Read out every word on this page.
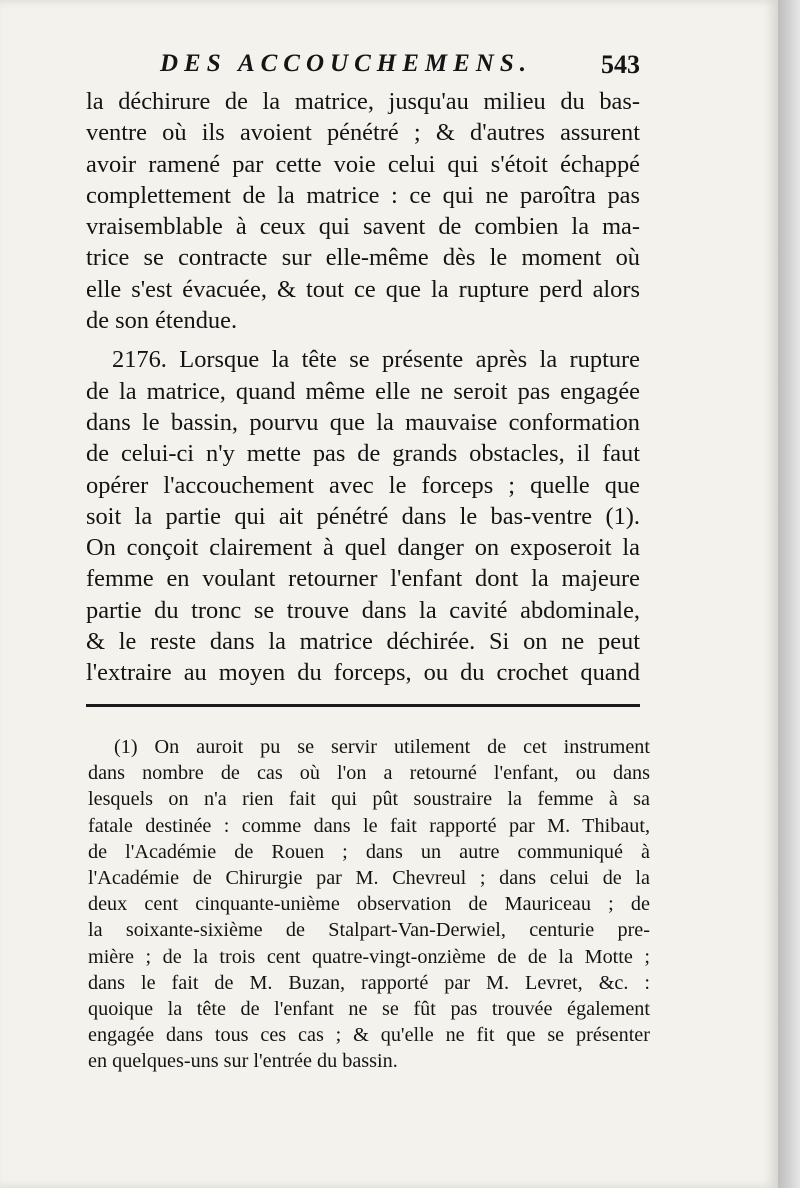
DES ACCOUCHEMENS.	543
la déchirure de la matrice, jusqu'au milieu du bas-
ventre où ils avoient pénétré ; & d'autres assurent
avoir ramené par cette voie celui qui s'étoit échappé
complettement de la matrice : ce qui ne paroîtra pas
vraisemblable à ceux qui savent de combien la ma-
trice se contracte sur elle-même dès le moment où
elle s'est évacuée, & tout ce que la rupture perd alors
de son étendue.
2176. Lorsque la tête se présente après la rupture
de la matrice, quand même elle ne seroit pas engagée
dans le bassin, pourvu que la mauvaise conformation
de celui-ci n'y mette pas de grands obstacles, il faut
opérer l'accouchement avec le forceps ; quelle que
soit la partie qui ait pénétré dans le bas-ventre (1).
On conçoit clairement à quel danger on exposeroit la
femme en voulant retourner l'enfant dont la majeure
partie du tronc se trouve dans la cavité abdominale,
& le reste dans la matrice déchirée. Si on ne peut
l'extraire au moyen du forceps, ou du crochet quand
(1) On auroit pu se servir utilement de cet instrument
dans nombre de cas où l'on a retourné l'enfant, ou dans
lesquels on n'a rien fait qui pût soustraire la femme à sa
fatale destinée : comme dans le fait rapporté par M. Thibaut,
de l'Académie de Rouen ; dans un autre communiqué à
l'Académie de Chirurgie par M. Chevreul ; dans celui de la
deux cent cinquante-unième observation de Mauriceau ; de
la soixante-sixième de Stalpart-Van-Derwiel, centurie pre-
mière ; de la trois cent quatre-vingt-onzième de de la Motte ;
dans le fait de M. Buzan, rapporté par M. Levret, &c. :
quoique la tête de l'enfant ne se fût pas trouvée également
engagée dans tous ces cas ; & qu'elle ne fit que se présenter
en quelques-uns sur l'entrée du bassin.
